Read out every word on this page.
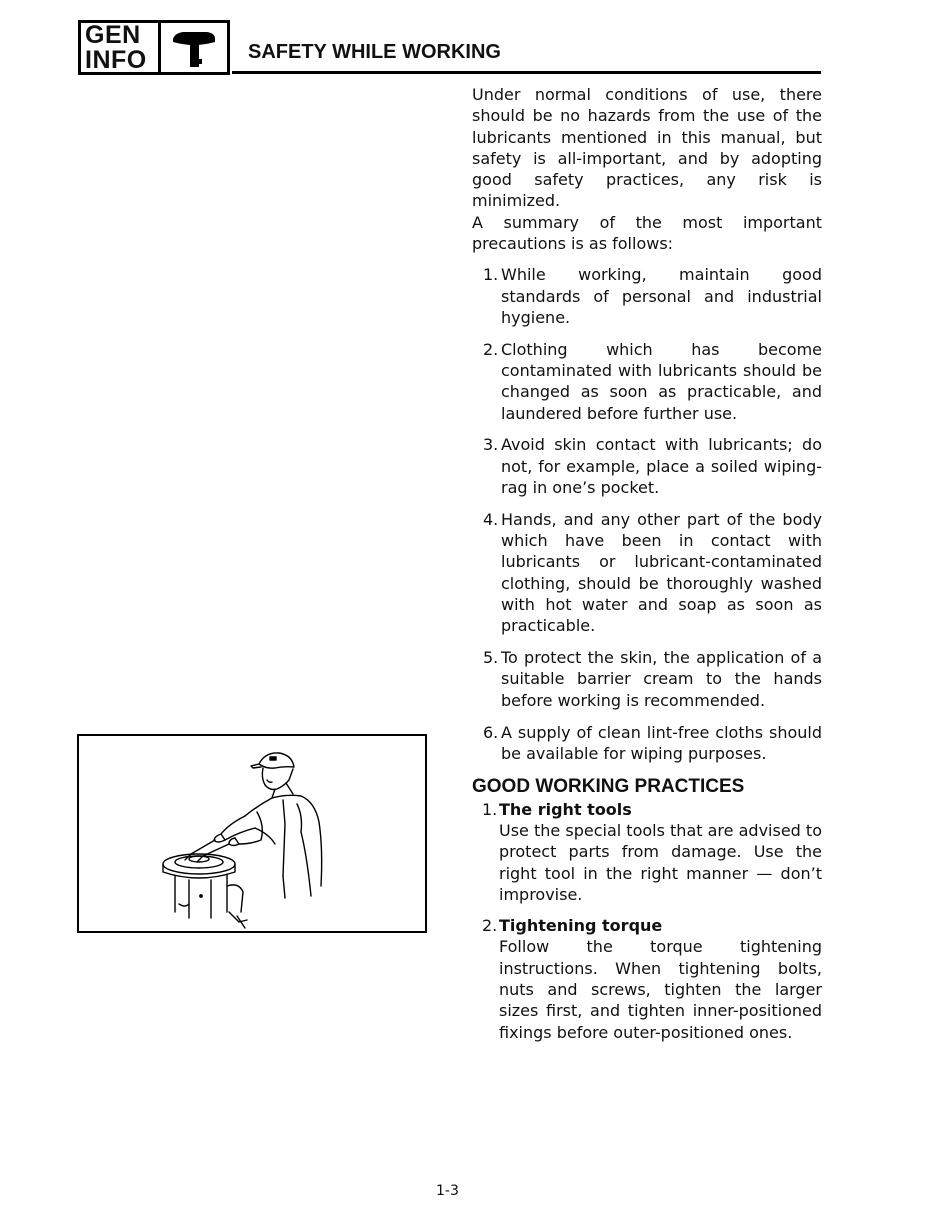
GEN
INFO	SAFETY WHILE WORKING

Under normal conditions of use, there should be no hazards from the use of the lubricants mentioned in this manual, but safety is all-important, and by adopting good safety practices, any risk is minimized.

A summary of the most important precautions is as follows:

1. While working, maintain good standards of personal and industrial hygiene.
2. Clothing which has become contaminated with lubricants should be changed as soon as practicable, and laundered before further use.
3. Avoid skin contact with lubricants; do not, for example, place a soiled wiping-rag in one’s pocket.
4. Hands, and any other part of the body which have been in contact with lubricants or lubricant-contaminated clothing, should be thoroughly washed with hot water and soap as soon as practicable.
5. To protect the skin, the application of a suitable barrier cream to the hands before working is recommended.
6. A supply of clean lint-free cloths should be available for wiping purposes.
GOOD WORKING PRACTICES
1. The right tools
Use the special tools that are advised to protect parts from damage. Use the right tool in the right manner — don’t improvise.
2. Tightening torque
Follow the torque tightening instructions. When tightening bolts, nuts and screws, tighten the larger sizes first, and tighten inner-positioned fixings before outer-positioned ones.
1-3
